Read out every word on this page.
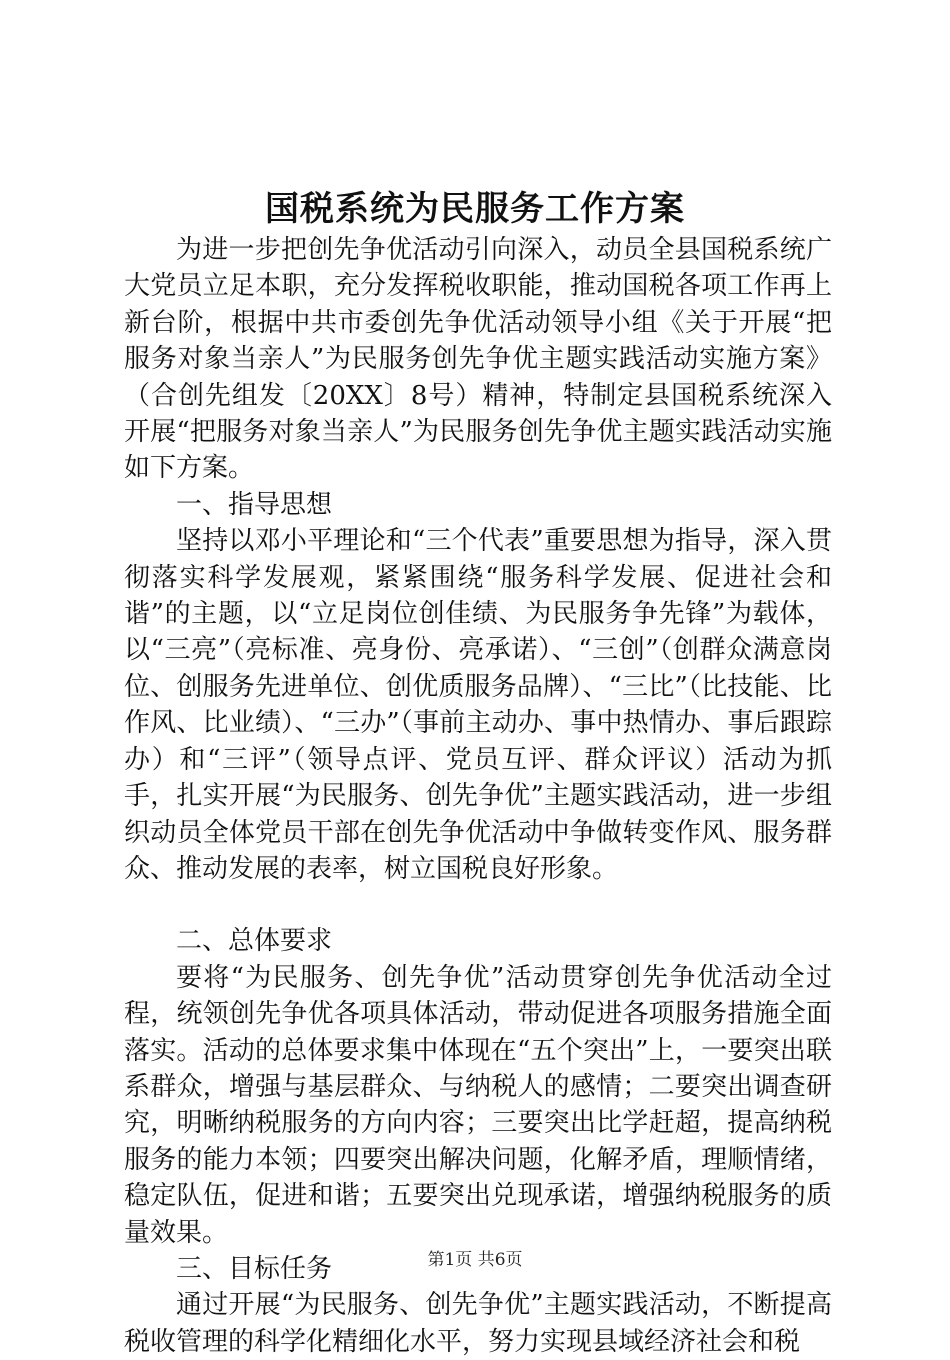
国税系统为民服务工作方案

为进一步把创先争优活动引向深入，动员全县国税系统广大党员立足本职，充分发挥税收职能，推动国税各项工作再上新台阶，根据中共市委创先争优活动领导小组《关于开展“把服务对象当亲人”为民服务创先争优主题实践活动实施方案》（合创先组发〔20XX〕8号）精神，特制定县国税系统深入开展“把服务对象当亲人”为民服务创先争优主题实践活动实施如下方案。

一、指导思想

坚持以邓小平理论和“三个代表”重要思想为指导，深入贯彻落实科学发展观，紧紧围绕“服务科学发展、促进社会和谐”的主题，以“立足岗位创佳绩、为民服务争先锋”为载体，以“三亮”（亮标准、亮身份、亮承诺）、“三创”（创群众满意岗位、创服务先进单位、创优质服务品牌）、“三比”（比技能、比作风、比业绩）、“三办”（事前主动办、事中热情办、事后跟踪办）和“三评”（领导点评、党员互评、群众评议）活动为抓手，扎实开展“为民服务、创先争优”主题实践活动，进一步组织动员全体党员干部在创先争优活动中争做转变作风、服务群众、推动发展的表率，树立国税良好形象。

二、总体要求

要将“为民服务、创先争优”活动贯穿创先争优活动全过程，统领创先争优各项具体活动，带动促进各项服务措施全面落实。活动的总体要求集中体现在“五个突出”上，一要突出联系群众，增强与基层群众、与纳税人的感情；二要突出调查研究，明晰纳税服务的方向内容；三要突出比学赶超，提高纳税服务的能力本领；四要突出解决问题，化解矛盾，理顺情绪，稳定队伍，促进和谐；五要突出兑现承诺，增强纳税服务的质量效果。

三、目标任务

通过开展“为民服务、创先争优”主题实践活动，不断提高税收管理的科学化精细化水平，努力实现县域经济社会和税

第1页 共6页
